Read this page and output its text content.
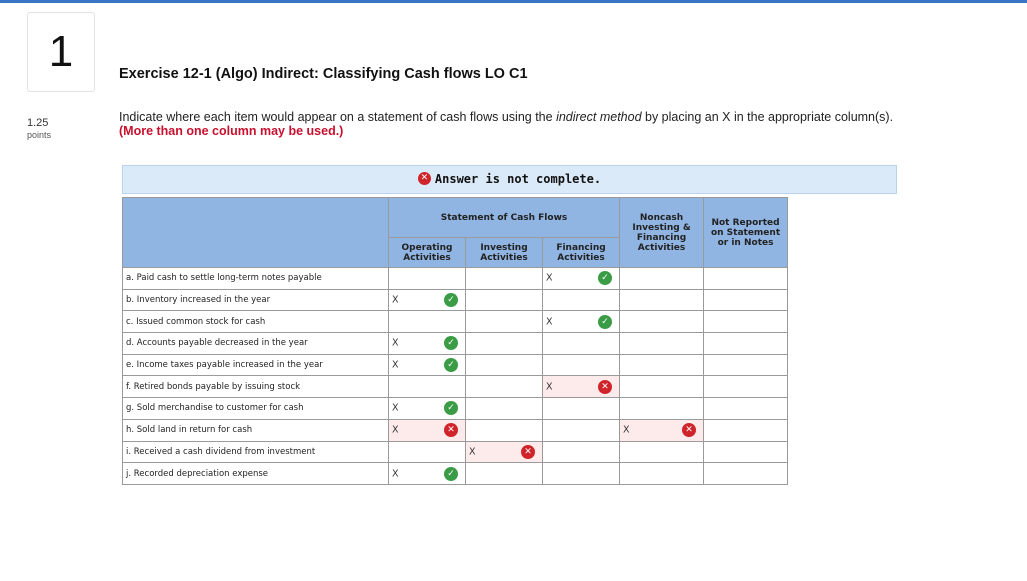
1
1.25
points
Exercise 12-1 (Algo) Indirect: Classifying Cash flows LO C1
Indicate where each item would appear on a statement of cash flows using the indirect method by placing an X in the appropriate column(s). (More than one column may be used.)
✕ Answer is not complete.
	Statement of Cash Flows			Noncash Investing & Financing Activities	Not Reported on Statement or in Notes
	Operating Activities	Investing Activities	Financing Activities		
a. Paid cash to settle long-term notes payable			X ✓		

b. Inventory increased in the year	X ✓				

c. Issued common stock for cash			X ✓		

d. Accounts payable decreased in the year	X ✓				

e. Income taxes payable increased in the year	X ✓				

f. Retired bonds payable by issuing stock			X ✕		

g. Sold merchandise to customer for cash	X ✓				

h. Sold land in return for cash	X ✕			X ✕	

i. Received a cash dividend from investment		X ✕			

j. Recorded depreciation expense	X ✓				
